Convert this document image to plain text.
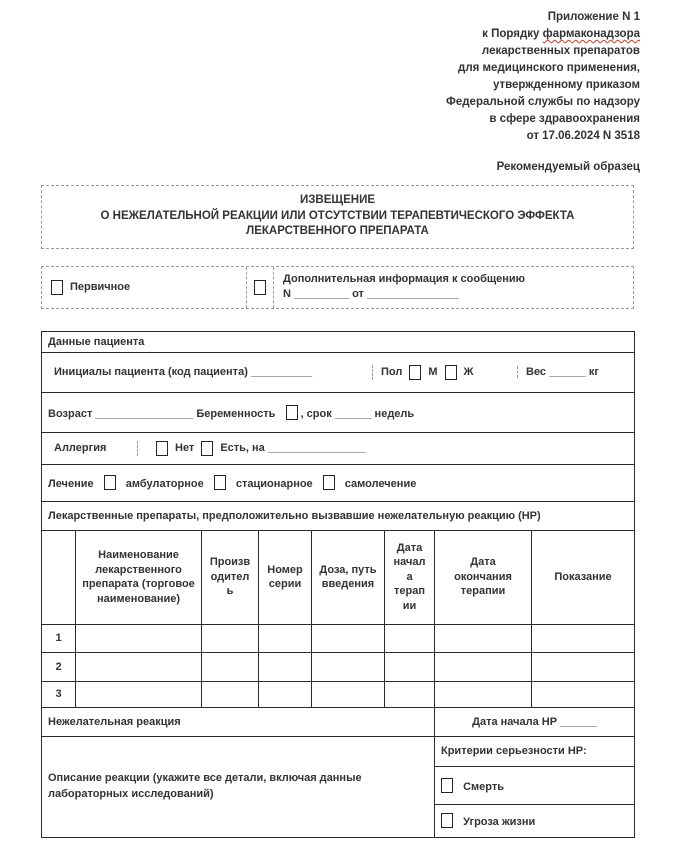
Приложение N 1
к Порядку фармаконадзора
лекарственных препаратов
для медицинского применения,
утвержденному приказом
Федеральной службы по надзору
в сфере здравоохранения
от 17.06.2024 N 3518
Рекомендуемый образец
ИЗВЕЩЕНИЕ
О НЕЖЕЛАТЕЛЬНОЙ РЕАКЦИИ ИЛИ ОТСУТСТВИИ ТЕРАПЕВТИЧЕСКОГО ЭФФЕКТА
ЛЕКАРСТВЕННОГО ПРЕПАРАТА
Первичное
Дополнительная информация к сообщению
N _________ от _______________
Данные пациента							

Инициалы пациента (код пациента) __________ Пол М Ж Вес ______ кг							

Возраст ________________ Беременность , срок ______ недель							

Аллергия Нет Есть, на ________________							

Лечение амбулаторное стационарное самолечение							
Лекарственные препараты, предположительно вызвавшие нежелательную реакцию (НР)							
	Наименование лекарственного препарата (торговое наименование)	Производитель	Номер серии	Доза, путь введения	Дата начала терапии	Дата окончания терапии	Показание
1							
2							
3							
Нежелательная реакция						Дата начала НР ______	
Описание реакции (укажите все детали, включая данные лабораторных исследований)						Критерии серьезности НР:	
						Смерть	
						Угроза жизни	
